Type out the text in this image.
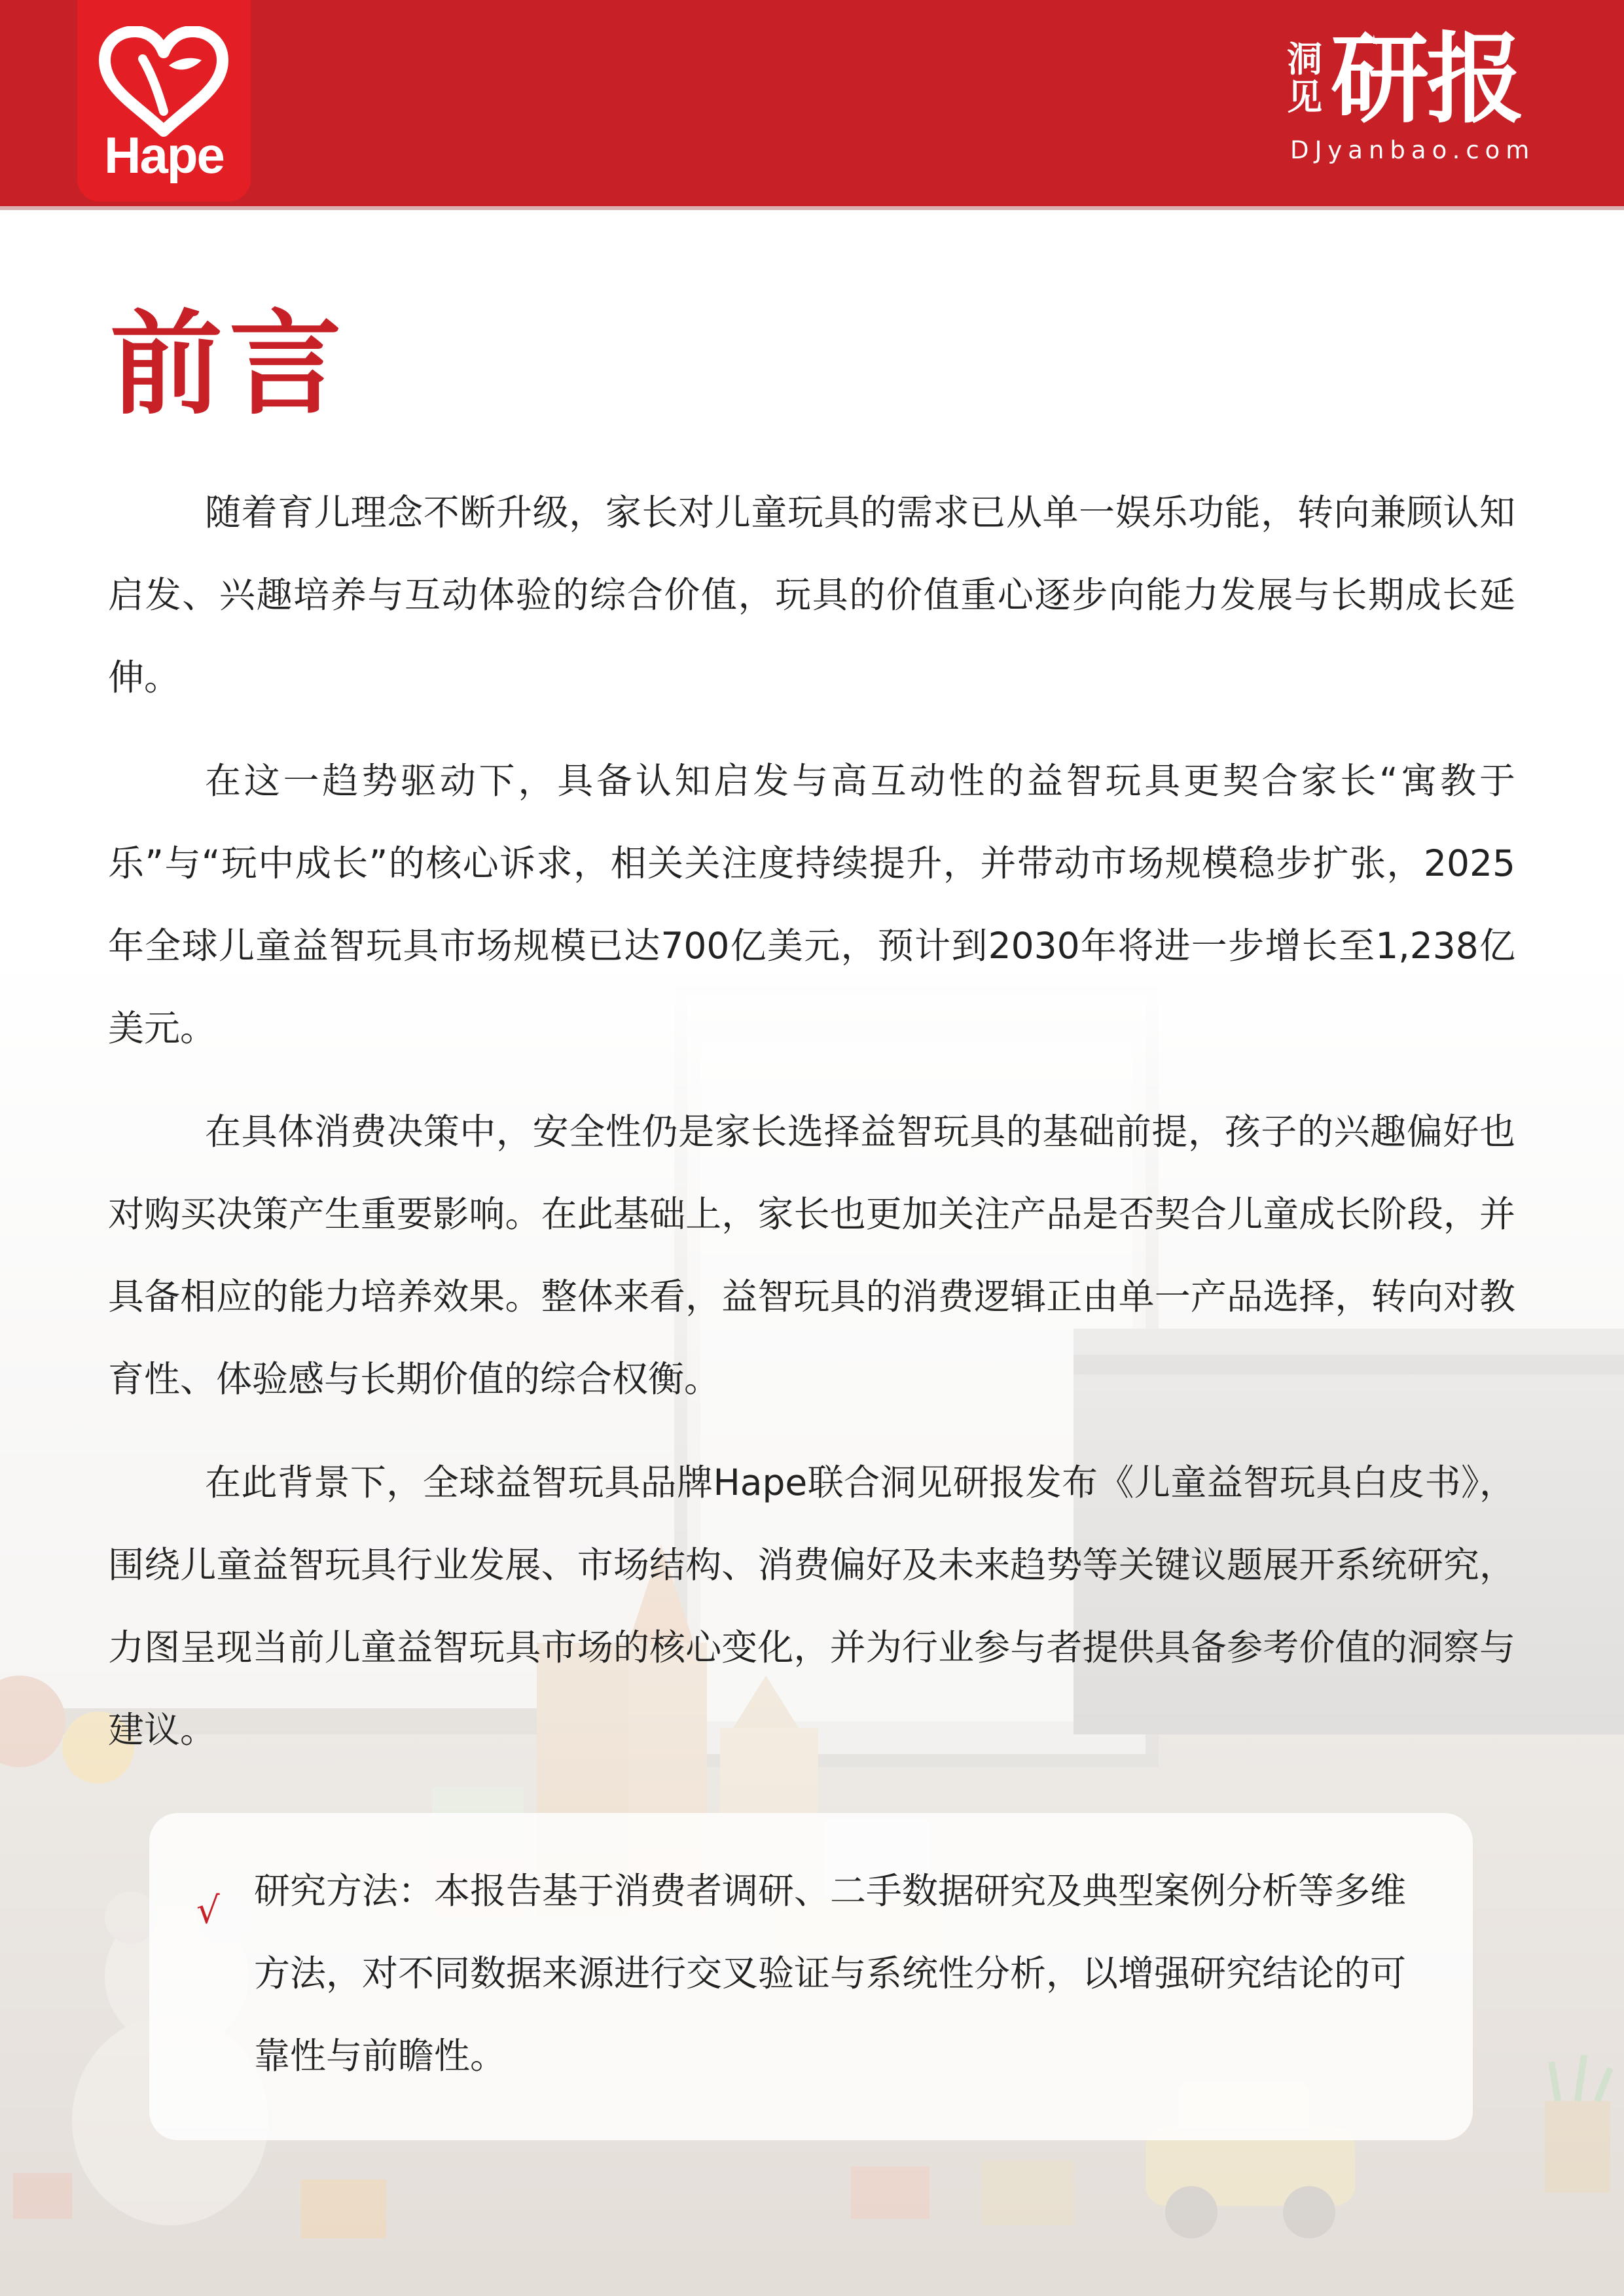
Hape
洞见 研报
DJyanbao.com
前言

随着育儿理念不断升级，家长对儿童玩具的需求已从单一娱乐功能，转向兼顾认知启发、兴趣培养与互动体验的综合价值，玩具的价值重心逐步向能力发展与长期成长延伸。

在这一趋势驱动下，具备认知启发与高互动性的益智玩具更契合家长“寓教于乐”与“玩中成长”的核心诉求，相关关注度持续提升，并带动市场规模稳步扩张，2025年全球儿童益智玩具市场规模已达700亿美元，预计到2030年将进一步增长至1,238亿美元。

在具体消费决策中，安全性仍是家长选择益智玩具的基础前提，孩子的兴趣偏好也对购买决策产生重要影响。在此基础上，家长也更加关注产品是否契合儿童成长阶段，并具备相应的能力培养效果。整体来看，益智玩具的消费逻辑正由单一产品选择，转向对教育性、体验感与长期价值的综合权衡。

在此背景下，全球益智玩具品牌Hape联合洞见研报发布《儿童益智玩具白皮书》，围绕儿童益智玩具行业发展、市场结构、消费偏好及未来趋势等关键议题展开系统研究，力图呈现当前儿童益智玩具市场的核心变化，并为行业参与者提供具备参考价值的洞察与建议。

√ 研究方法：本报告基于消费者调研、二手数据研究及典型案例分析等多维方法，对不同数据来源进行交叉验证与系统性分析，以增强研究结论的可靠性与前瞻性。
